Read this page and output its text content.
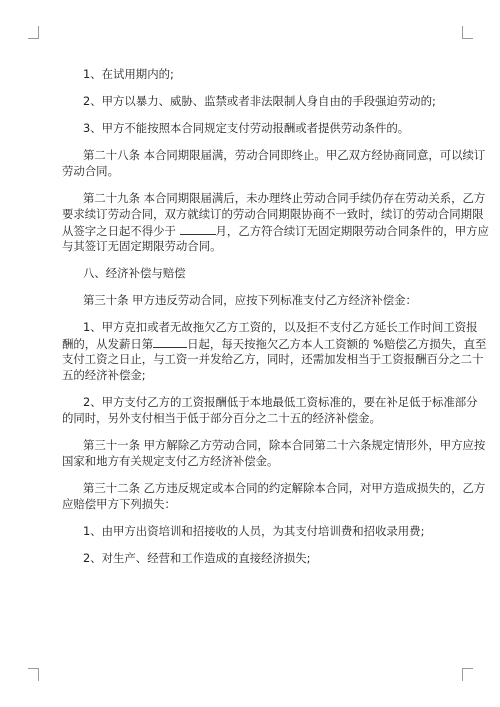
1、在试用期内的;
2、甲方以暴力、威胁、监禁或者非法限制人身自由的手段强迫劳动的;
3、甲方不能按照本合同规定支付劳动报酬或者提供劳动条件的。
第二十八条 本合同期限届满，劳动合同即终止。甲乙双方经协商同意，可以续订
劳动合同。
第二十九条 本合同期限届满后，未办理终止劳动合同手续仍存在劳动关系，乙方
要求续订劳动合同，双方就续订的劳动合同期限协商不一致时，续订的劳动合同期限
从签字之日起不得少于	月，乙方符合续订无固定期限劳动合同条件的，甲方应
与其签订无固定期限劳动合同。
八、经济补偿与赔偿
第三十条 甲方违反劳动合同，应按下列标准支付乙方经济补偿金：
1、甲方克扣或者无故拖欠乙方工资的，以及拒不支付乙方延长工作时间工资报
酬的，从发薪日第	日起，每天按拖欠乙方本人工资额的 %赔偿乙方损失，直至
支付工资之日止，与工资一并发给乙方，同时，还需加发相当于工资报酬百分之二十
五的经济补偿金;
2、甲方支付乙方的工资报酬低于本地最低工资标准的，要在补足低于标准部分
的同时，另外支付相当于低于部分百分之二十五的经济补偿金。
第三十一条 甲方解除乙方劳动合同，除本合同第二十六条规定情形外，甲方应按
国家和地方有关规定支付乙方经济补偿金。
第三十二条 乙方违反规定或本合同的约定解除本合同，对甲方造成损失的，乙方
应赔偿甲方下列损失：
1、由甲方出资培训和招接收的人员，为其支付培训费和招收录用费;
2、对生产、经营和工作造成的直接经济损失;
